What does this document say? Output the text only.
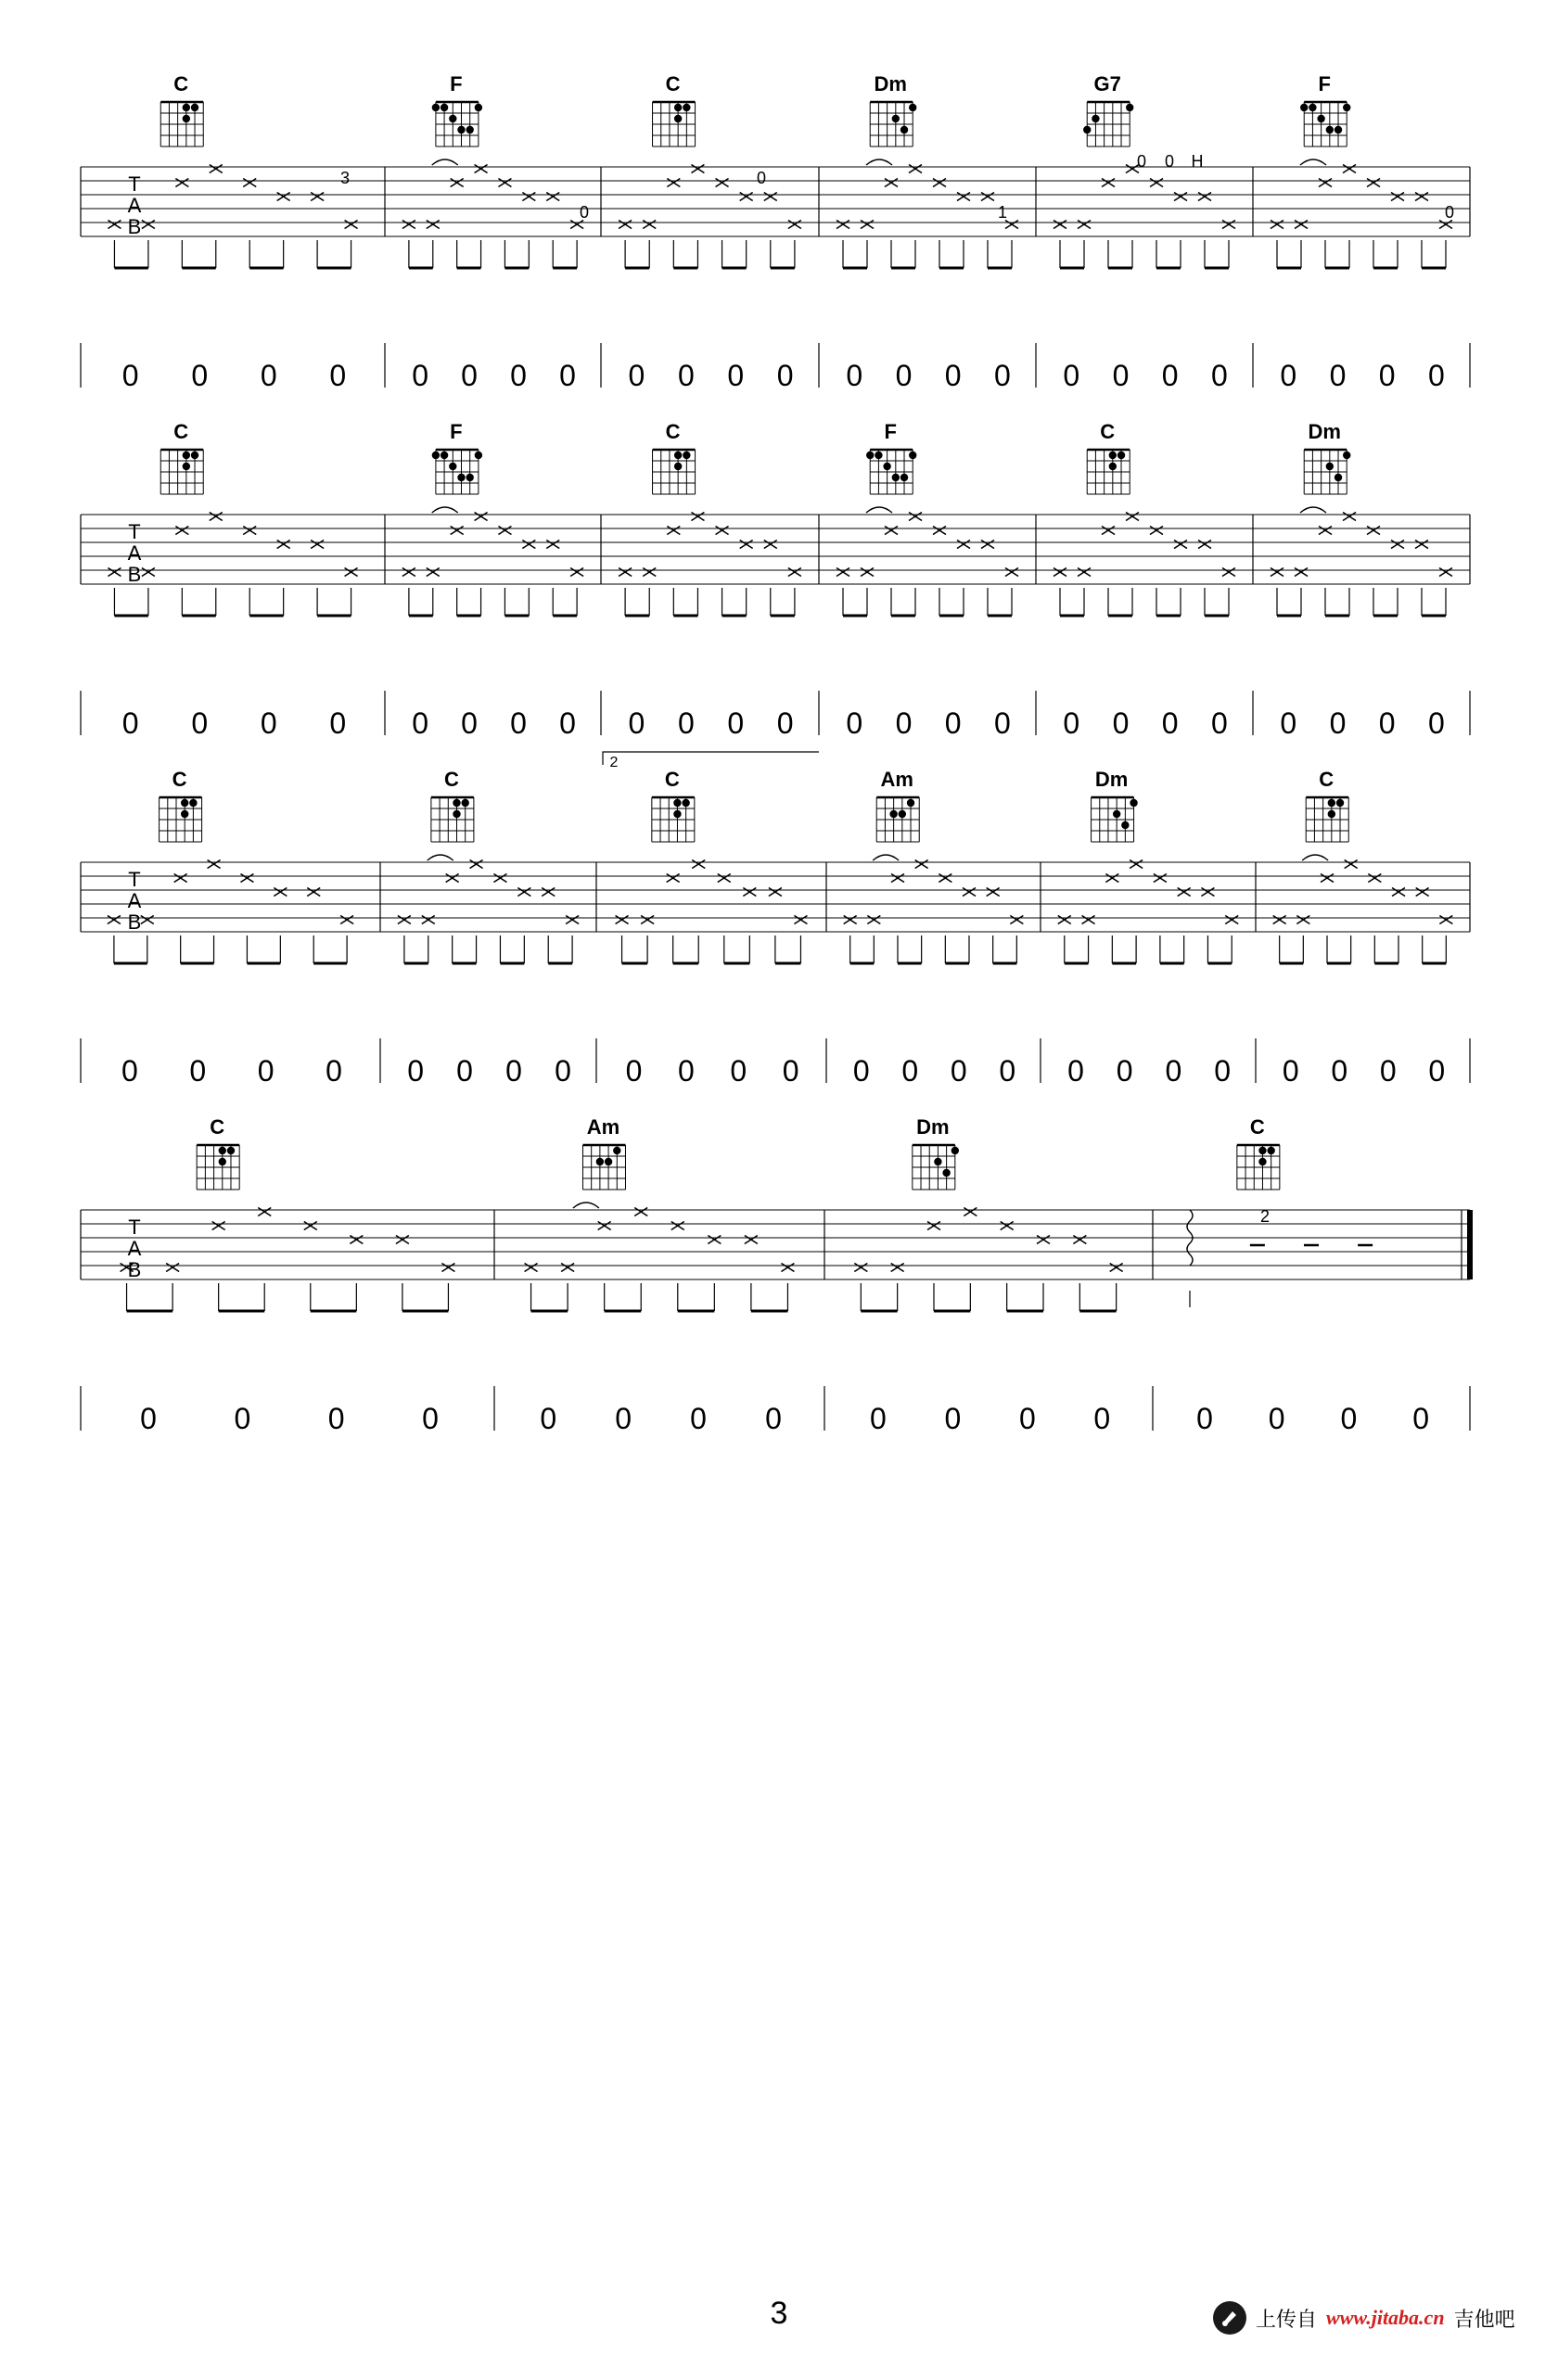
T
A
B
C
0 0 0 0
F
0 0 0 0
C
0 0 0 0
Dm
0 0 0 0
G7
0 0 0 0
F
0 0 0 0
T
A
B
C
0 0 0 0
F
0 0 0 0
C
0 0 0 0
F
0 0 0 0
C
0 0 0 0
Dm
0 0 0 0
2
T
A
B
C
0 0 0 0
C
0 0 0 0
C
0 0 0 0
Am
0 0 0 0
Dm
0 0 0 0
C
0 0 0 0
T
A
B
C
0	0	0	0
Am
0 0 0 0
Dm
0 0 0 0
C
0 0 0 0
3
0
0
1
0 0 H
0
2
3	上传自 www.jitaba.cn 吉他吧
